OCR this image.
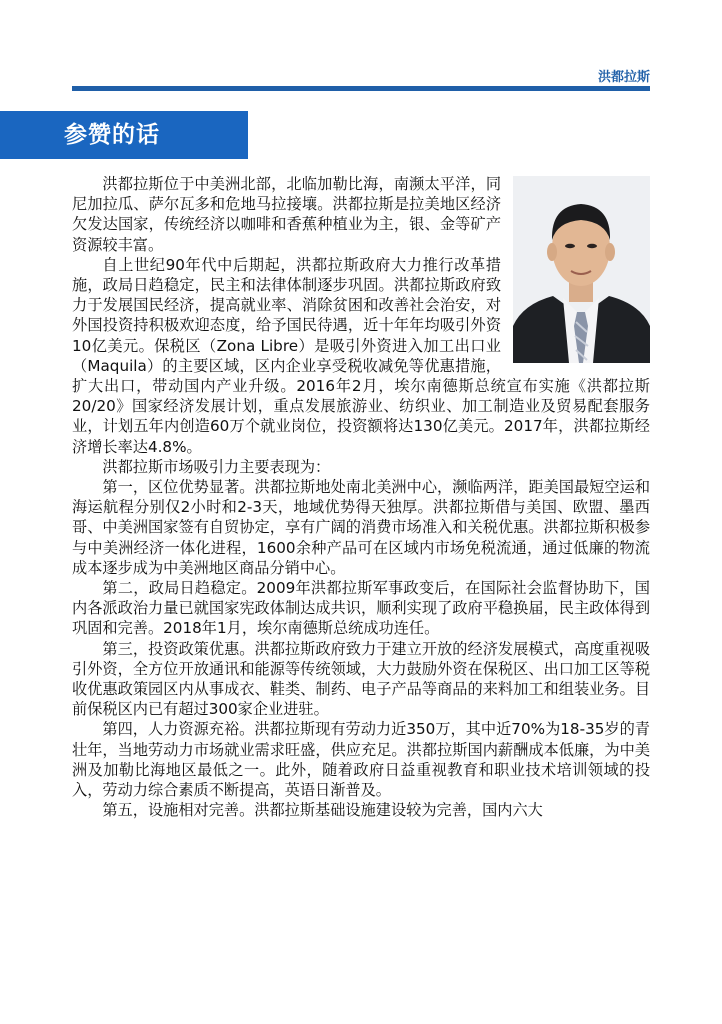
洪都拉斯
参赞的话

洪都拉斯位于中美洲北部，北临加勒比海，南濒太平洋，同尼加拉瓜、萨尔瓦多和危地马拉接壤。洪都拉斯是拉美地区经济欠发达国家，传统经济以咖啡和香蕉种植业为主，银、金等矿产资源较丰富。

自上世纪90年代中后期起，洪都拉斯政府大力推行改革措施，政局日趋稳定，民主和法律体制逐步巩固。洪都拉斯政府致力于发展国民经济，提高就业率、消除贫困和改善社会治安，对外国投资持积极欢迎态度，给予国民待遇，近十年年均吸引外资10亿美元。保税区（Zona Libre）是吸引外资进入加工出口业（Maquila）的主要区域，区内企业享受税收减免等优惠措施，扩大出口，带动国内产业升级。2016年2月，埃尔南德斯总统宣布实施《洪都拉斯20/20》国家经济发展计划，重点发展旅游业、纺织业、加工制造业及贸易配套服务业，计划五年内创造60万个就业岗位，投资额将达130亿美元。2017年，洪都拉斯经济增长率达4.8%。

洪都拉斯市场吸引力主要表现为：

第一，区位优势显著。洪都拉斯地处南北美洲中心，濒临两洋，距美国最短空运和海运航程分别仅2小时和2-3天，地域优势得天独厚。洪都拉斯借与美国、欧盟、墨西哥、中美洲国家签有自贸协定，享有广阔的消费市场准入和关税优惠。洪都拉斯积极参与中美洲经济一体化进程，1600余种产品可在区域内市场免税流通，通过低廉的物流成本逐步成为中美洲地区商品分销中心。

第二，政局日趋稳定。2009年洪都拉斯军事政变后，在国际社会监督协助下，国内各派政治力量已就国家宪政体制达成共识，顺利实现了政府平稳换届，民主政体得到巩固和完善。2018年1月，埃尔南德斯总统成功连任。

第三，投资政策优惠。洪都拉斯政府致力于建立开放的经济发展模式，高度重视吸引外资，全方位开放通讯和能源等传统领域，大力鼓励外资在保税区、出口加工区等税收优惠政策园区内从事成衣、鞋类、制药、电子产品等商品的来料加工和组装业务。目前保税区内已有超过300家企业进驻。

第四，人力资源充裕。洪都拉斯现有劳动力近350万，其中近70%为18-35岁的青壮年，当地劳动力市场就业需求旺盛，供应充足。洪都拉斯国内薪酬成本低廉，为中美洲及加勒比海地区最低之一。此外，随着政府日益重视教育和职业技术培训领域的投入，劳动力综合素质不断提高，英语日渐普及。

第五，设施相对完善。洪都拉斯基础设施建设较为完善，国内六大
